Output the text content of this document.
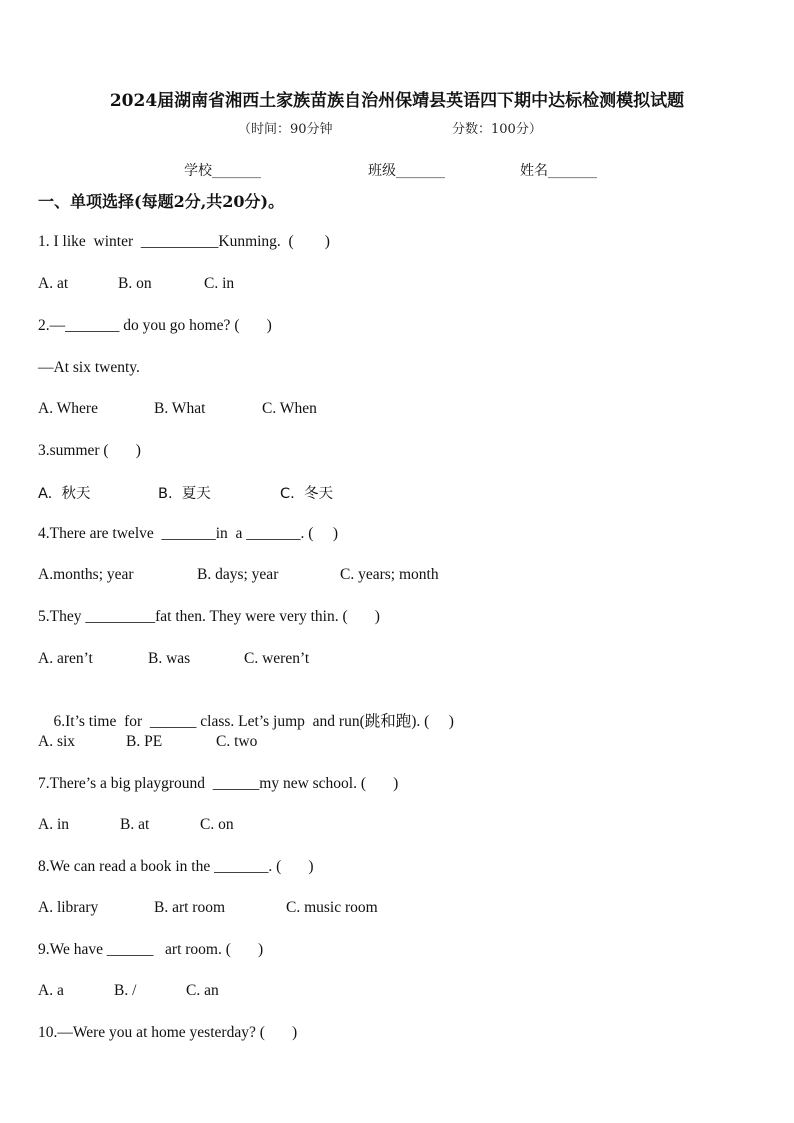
2024届湖南省湘西土家族苗族自治州保靖县英语四下期中达标检测模拟试题
（时间：90分钟	分数：100分）
学校_______	班级_______	姓名_______
一、单项选择(每题2分,共20分)。
1. I like  winter  __________Kunming.  (        )

A. at

	B. on

	C. in

2.—_______ do you go home? (       )
—At six twenty.

A. Where

	B. What

	C. When

3.summer (       )

A.  秋天

	B.  夏天

	C.  冬天

4.There are twelve  _______in  a _______. (     )

A.months; year

	B. days; year

	C. years; month

5.They _________fat then. They were very thin. (       )

A. aren’t

	B. was

	C. weren’t

6.It’s time  for  ______ class. Let’s jump  and run(跳和跑). (     )

A. six

	B. PE

	C. two

7.There’s a big playground  ______my new school. (       )

A. in

	B. at

	C. on

8.We can read a book in the _______. (       )

A. library

	B. art room

	C. music room

9.We have ______   art room. (       )

A. a

	B. /

	C. an

10.—Were you at home yesterday? (       )
